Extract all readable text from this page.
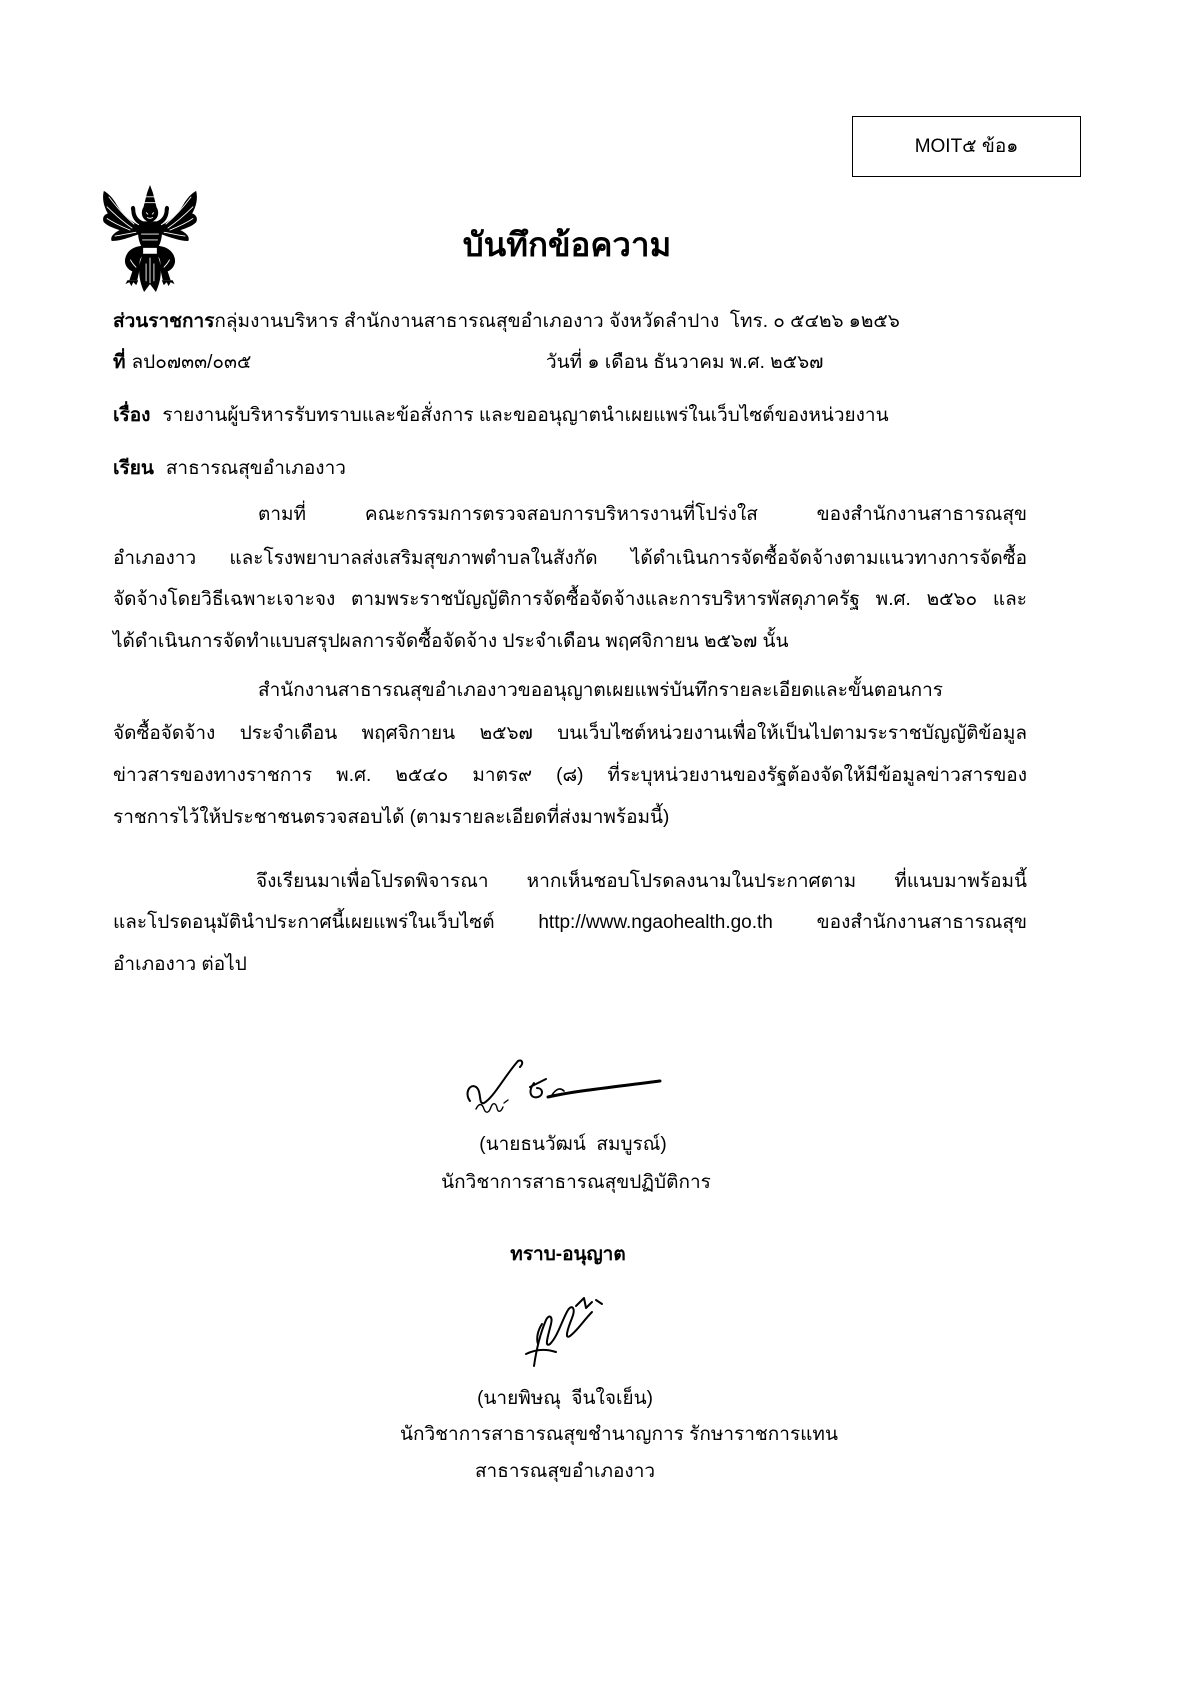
MOIT๕ ข้อ๑
บันทึกข้อความ
ส่วนราชการกลุ่มงานบริหาร สำนักงานสาธารณสุขอำเภองาว จังหวัดลำปาง  โทร. ๐ ๕๔๒๖ ๑๒๕๖
ที่ ลป๐๗๓๓/๐๓๕	วันที่ ๑ เดือน ธันวาคม พ.ศ. ๒๕๖๗
เรื่อง รายงานผู้บริหารรับทราบและข้อสั่งการ และขออนุญาตนำเผยแพร่ในเว็บไซต์ของหน่วยงาน
เรียน สาธารณสุขอำเภองาว
ตามที่ คณะกรรมการตรวจสอบการบริหารงานที่โปร่งใส ของสำนักงานสาธารณสุข
อำเภองาว และโรงพยาบาลส่งเสริมสุขภาพตำบลในสังกัด ได้ดำเนินการจัดซื้อจัดจ้างตามแนวทางการจัดซื้อ
จัดจ้างโดยวิธีเฉพาะเจาะจง ตามพระราชบัญญัติการจัดซื้อจัดจ้างและการบริหารพัสดุภาครัฐ พ.ศ. ๒๕๖๐ และ
ได้ดำเนินการจัดทำแบบสรุปผลการจัดซื้อจัดจ้าง ประจำเดือน พฤศจิกายน ๒๕๖๗ นั้น
สำนักงานสาธารณสุขอำเภองาวขออนุญาตเผยแพร่บันทึกรายละเอียดและขั้นตอนการ
จัดซื้อจัดจ้าง ประจำเดือน พฤศจิกายน ๒๕๖๗ บนเว็บไซต์หน่วยงานเพื่อให้เป็นไปตามระราชบัญญัติข้อมูล
ข่าวสารของทางราชการ พ.ศ. ๒๕๔๐ มาตร๙ (๘) ที่ระบุหน่วยงานของรัฐต้องจัดให้มีข้อมูลข่าวสารของ
ราชการไว้ให้ประชาชนตรวจสอบได้ (ตามรายละเอียดที่ส่งมาพร้อมนี้)
จึงเรียนมาเพื่อโปรดพิจารณา หากเห็นชอบโปรดลงนามในประกาศตาม ที่แนบมาพร้อมนี้
และโปรดอนุมัตินำประกาศนี้เผยแพร่ในเว็บไซต์ http://www.ngaohealth.go.th ของสำนักงานสาธารณสุข
อำเภองาว ต่อไป
(นายธนวัฒน์  สมบูรณ์)
นักวิชาการสาธารณสุขปฏิบัติการ
ทราบ-อนุญาต
(นายพิษณุ  จีนใจเย็น)
นักวิชาการสาธารณสุขชำนาญการ รักษาราชการแทน
สาธารณสุขอำเภองาว
